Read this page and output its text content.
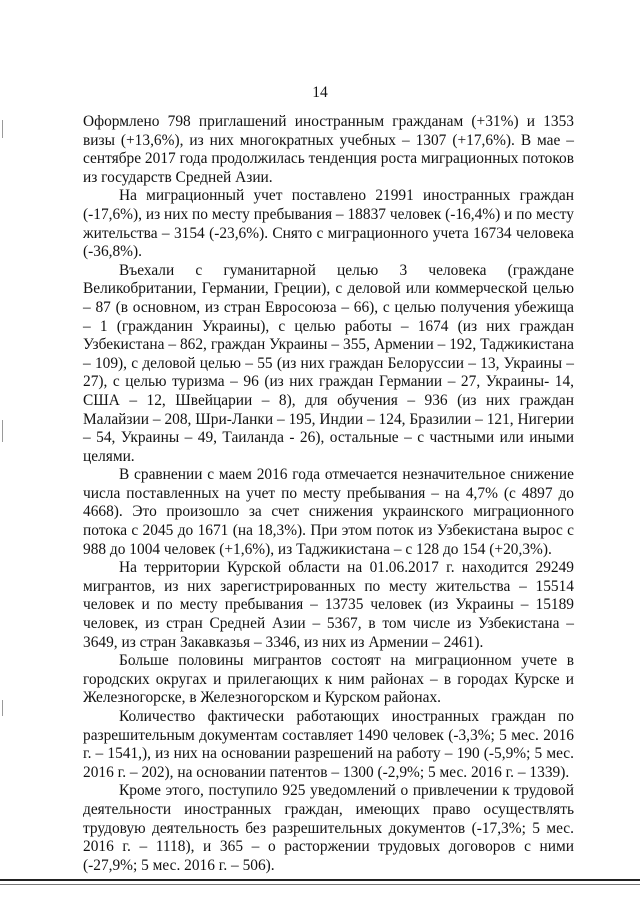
14

Оформлено 798 приглашений иностранным гражданам (+31%) и 1353 визы (+13,6%), из них многократных учебных – 1307 (+17,6%). В мае – сентябре 2017 года продолжилась тенденция роста миграционных потоков из государств Средней Азии.

На миграционный учет поставлено 21991 иностранных граждан (-17,6%), из них по месту пребывания – 18837 человек (-16,4%) и по месту жительства – 3154 (-23,6%). Снято с миграционного учета 16734 человека (-36,8%).

Въехали с гуманитарной целью 3 человека (граждане Великобритании, Германии, Греции), с деловой или коммерческой целью – 87 (в основном, из стран Евросоюза – 66), с целью получения убежища – 1 (гражданин Украины), с целью работы – 1674 (из них граждан Узбекистана – 862, граждан Украины – 355, Армении – 192, Таджикистана – 109), с деловой целью – 55 (из них граждан Белоруссии – 13, Украины – 27), с целью туризма – 96 (из них граждан Германии – 27, Украины- 14, США – 12, Швейцарии – 8), для обучения – 936 (из них граждан Малайзии – 208, Шри-Ланки – 195, Индии – 124, Бразилии – 121, Нигерии – 54, Украины – 49, Таиланда - 26), остальные – с частными или иными целями.

В сравнении с маем 2016 года отмечается незначительное снижение числа поставленных на учет по месту пребывания – на 4,7% (с 4897 до 4668). Это произошло за счет снижения украинского миграционного потока с 2045 до 1671 (на 18,3%). При этом поток из Узбекистана вырос с 988 до 1004 человек (+1,6%), из Таджикистана – с 128 до 154 (+20,3%).

На территории Курской области на 01.06.2017 г. находится 29249 мигрантов, из них зарегистрированных по месту жительства – 15514 человек и по месту пребывания – 13735 человек (из Украины – 15189 человек, из стран Средней Азии – 5367, в том числе из Узбекистана – 3649, из стран Закавказья – 3346, из них из Армении – 2461).

Больше половины мигрантов состоят на миграционном учете в городских округах и прилегающих к ним районах – в городах Курске и Железногорске, в Железногорском и Курском районах.

Количество фактически работающих иностранных граждан по разрешительным документам составляет 1490 человек (-3,3%; 5 мес. 2016 г. – 1541,), из них на основании разрешений на работу – 190 (-5,9%; 5 мес. 2016 г. – 202), на основании патентов – 1300 (-2,9%; 5 мес. 2016 г. – 1339).

Кроме этого, поступило 925 уведомлений о привлечении к трудовой деятельности иностранных граждан, имеющих право осуществлять трудовую деятельность без разрешительных документов (-17,3%; 5 мес. 2016 г. – 1118), и 365 – о расторжении трудовых договоров с ними (-27,9%; 5 мес. 2016 г. – 506).
